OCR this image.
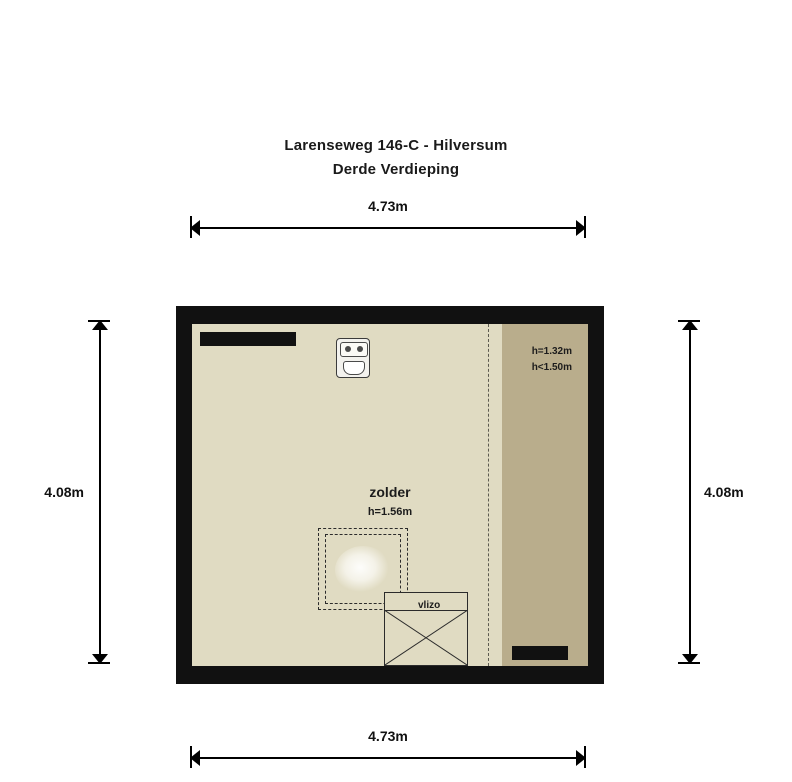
Larenseweg 146-C - Hilversum
Derde Verdieping
4.73m
4.08m	4.08m
vlizo
zolder
h=1.56m
h=1.32m
h<1.50m
4.73m
